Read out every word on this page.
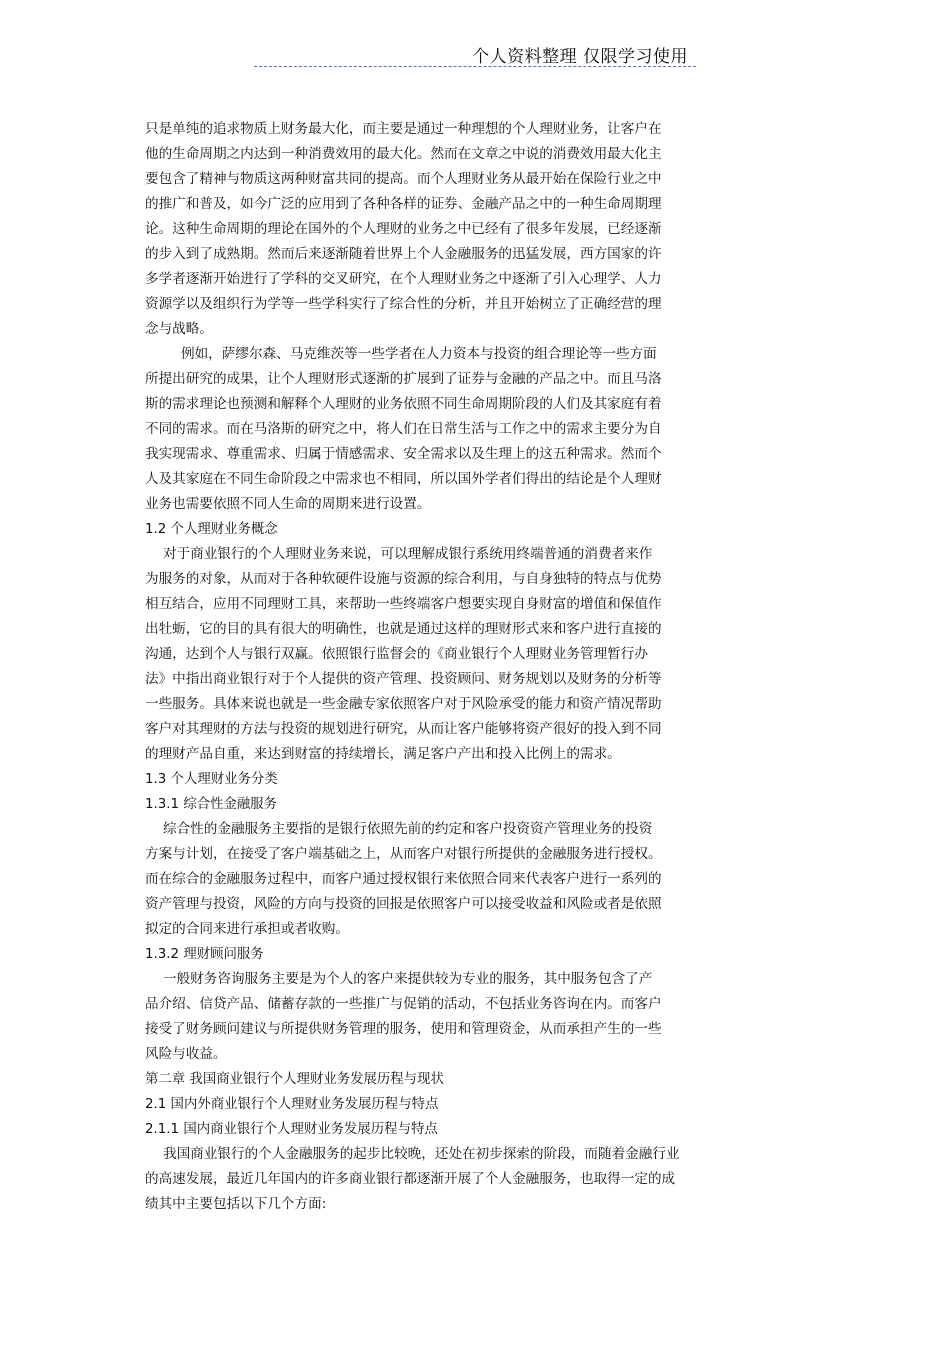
个人资料整理 仅限学习使用
只是单纯的追求物质上财务最大化，而主要是通过一种理想的个人理财业务，让客户在
他的生命周期之内达到一种消费效用的最大化。然而在文章之中说的消费效用最大化主
要包含了精神与物质这两种财富共同的提高。而个人理财业务从最开始在保险行业之中
的推广和普及，如今广泛的应用到了各种各样的证券、金融产品之中的一种生命周期理
论。这种生命周期的理论在国外的个人理财的业务之中已经有了很多年发展，已经逐渐
的步入到了成熟期。然而后来逐渐随着世界上个人金融服务的迅猛发展，西方国家的许
多学者逐渐开始进行了学科的交叉研究，在个人理财业务之中逐渐了引入心理学、人力
资源学以及组织行为学等一些学科实行了综合性的分析，并且开始树立了正确经营的理
念与战略。
例如，萨缪尔森、马克维茨等一些学者在人力资本与投资的组合理论等一些方面
所提出研究的成果，让个人理财形式逐渐的扩展到了证券与金融的产品之中。而且马洛
斯的需求理论也预测和解释个人理财的业务依照不同生命周期阶段的人们及其家庭有着
不同的需求。而在马洛斯的研究之中，将人们在日常生活与工作之中的需求主要分为自
我实现需求、尊重需求、归属于情感需求、安全需求以及生理上的这五种需求。然而个
人及其家庭在不同生命阶段之中需求也不相同，所以国外学者们得出的结论是个人理财
业务也需要依照不同人生命的周期来进行设置。
1.2 个人理财业务概念
对于商业银行的个人理财业务来说，可以理解成银行系统用终端普通的消费者来作
为服务的对象，从而对于各种软硬件设施与资源的综合利用，与自身独特的特点与优势
相互结合，应用不同理财工具，来帮助一些终端客户想要实现自身财富的增值和保值作
出牡蛎，它的目的具有很大的明确性，也就是通过这样的理财形式来和客户进行直接的
沟通，达到个人与银行双赢。依照银行监督会的《商业银行个人理财业务管理暂行办
法》中指出商业银行对于个人提供的资产管理、投资顾问、财务规划以及财务的分析等
一些服务。具体来说也就是一些金融专家依照客户对于风险承受的能力和资产情况帮助
客户对其理财的方法与投资的规划进行研究，从而让客户能够将资产很好的投入到不同
的理财产品自重，来达到财富的持续增长，满足客户产出和投入比例上的需求。
1.3 个人理财业务分类
1.3.1 综合性金融服务
综合性的金融服务主要指的是银行依照先前的约定和客户投资资产管理业务的投资
方案与计划，在接受了客户端基础之上，从而客户对银行所提供的金融服务进行授权。
而在综合的金融服务过程中，而客户通过授权银行来依照合同来代表客户进行一系列的
资产管理与投资，风险的方向与投资的回报是依照客户可以接受收益和风险或者是依照
拟定的合同来进行承担或者收购。
1.3.2 理财顾问服务
一般财务咨询服务主要是为个人的客户来提供较为专业的服务，其中服务包含了产
品介绍、信贷产品、储蓄存款的一些推广与促销的活动，不包括业务咨询在内。而客户
接受了财务顾问建议与所提供财务管理的服务，使用和管理资金，从而承担产生的一些
风险与收益。
第二章 我国商业银行个人理财业务发展历程与现状
2.1 国内外商业银行个人理财业务发展历程与特点
2.1.1 国内商业银行个人理财业务发展历程与特点
我国商业银行的个人金融服务的起步比较晚，还处在初步探索的阶段，而随着金融行业
的高速发展，最近几年国内的许多商业银行都逐渐开展了个人金融服务，也取得一定的成
绩其中主要包括以下几个方面:
